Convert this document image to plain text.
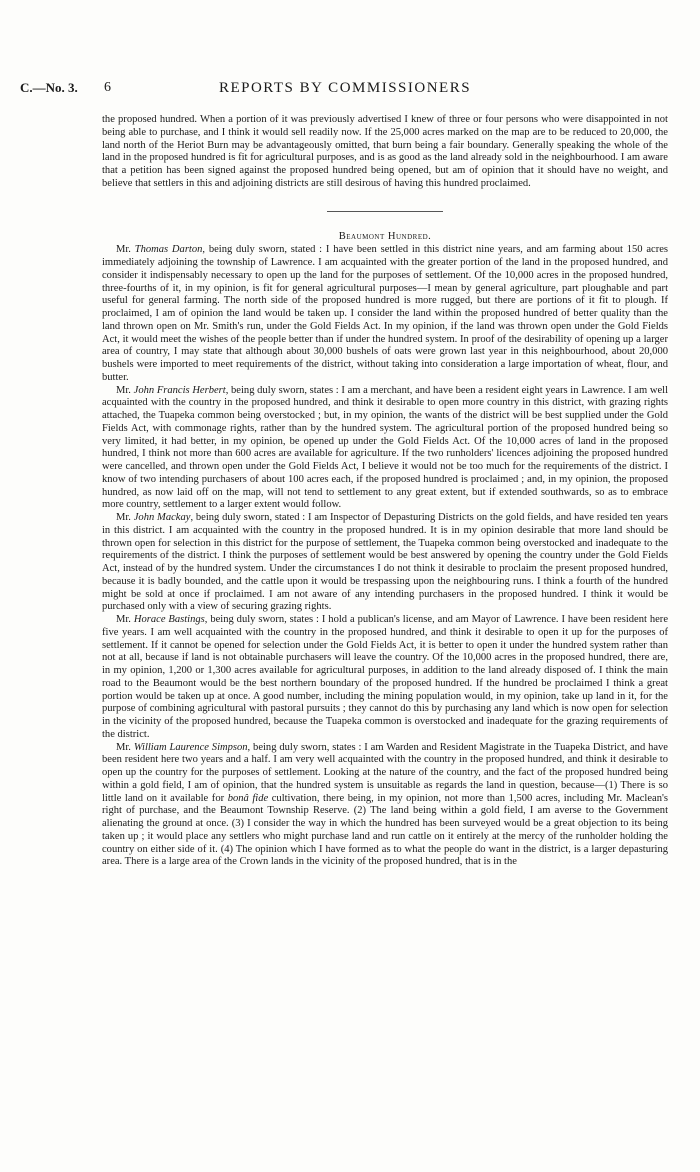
C.—No. 3. 6	REPORTS BY COMMISSIONERS

the proposed hundred. When a portion of it was previously advertised I knew of three or four persons who were disappointed in not being able to purchase, and I think it would sell readily now. If the 25,000 acres marked on the map are to be reduced to 20,000, the land north of the Heriot Burn may be advantageously omitted, that burn being a fair boundary. Generally speaking the whole of the land in the proposed hundred is fit for agricultural purposes, and is as good as the land already sold in the neighbourhood. I am aware that a petition has been signed against the proposed hundred being opened, but am of opinion that it should have no weight, and believe that settlers in this and adjoining districts are still desirous of having this hundred proclaimed.

Beaumont Hundred.

Mr. Thomas Darton, being duly sworn, stated : I have been settled in this district nine years, and am farming about 150 acres immediately adjoining the township of Lawrence. I am acquainted with the greater portion of the land in the proposed hundred, and consider it indispensably necessary to open up the land for the purposes of settlement. Of the 10,000 acres in the proposed hundred, three-fourths of it, in my opinion, is fit for general agricultural purposes—I mean by general agriculture, part ploughable and part useful for general farming. The north side of the proposed hundred is more rugged, but there are portions of it fit to plough. If proclaimed, I am of opinion the land would be taken up. I consider the land within the proposed hundred of better quality than the land thrown open on Mr. Smith's run, under the Gold Fields Act. In my opinion, if the land was thrown open under the Gold Fields Act, it would meet the wishes of the people better than if under the hundred system. In proof of the desirability of opening up a larger area of country, I may state that although about 30,000 bushels of oats were grown last year in this neighbourhood, about 20,000 bushels were imported to meet requirements of the district, without taking into consideration a large importation of wheat, flour, and butter.

Mr. John Francis Herbert, being duly sworn, states : I am a merchant, and have been a resident eight years in Lawrence. I am well acquainted with the country in the proposed hundred, and think it desirable to open more country in this district, with grazing rights attached, the Tuapeka common being overstocked ; but, in my opinion, the wants of the district will be best supplied under the Gold Fields Act, with commonage rights, rather than by the hundred system. The agricultural portion of the proposed hundred being so very limited, it had better, in my opinion, be opened up under the Gold Fields Act. Of the 10,000 acres of land in the proposed hundred, I think not more than 600 acres are available for agriculture. If the two runholders' licences adjoining the proposed hundred were cancelled, and thrown open under the Gold Fields Act, I believe it would not be too much for the requirements of the district. I know of two intending purchasers of about 100 acres each, if the proposed hundred is proclaimed ; and, in my opinion, the proposed hundred, as now laid off on the map, will not tend to settlement to any great extent, but if extended southwards, so as to embrace more country, settlement to a larger extent would follow.

Mr. John Mackay, being duly sworn, stated : I am Inspector of Depasturing Districts on the gold fields, and have resided ten years in this district. I am acquainted with the country in the proposed hundred. It is in my opinion desirable that more land should be thrown open for selection in this district for the purpose of settlement, the Tuapeka common being overstocked and inadequate to the requirements of the district. I think the purposes of settlement would be best answered by opening the country under the Gold Fields Act, instead of by the hundred system. Under the circumstances I do not think it desirable to proclaim the present proposed hundred, because it is badly bounded, and the cattle upon it would be trespassing upon the neighbouring runs. I think a fourth of the hundred might be sold at once if proclaimed. I am not aware of any intending purchasers in the proposed hundred. I think it would be purchased only with a view of securing grazing rights.

Mr. Horace Bastings, being duly sworn, states : I hold a publican's license, and am Mayor of Lawrence. I have been resident here five years. I am well acquainted with the country in the proposed hundred, and think it desirable to open it up for the purposes of settlement. If it cannot be opened for selection under the Gold Fields Act, it is better to open it under the hundred system rather than not at all, because if land is not obtainable purchasers will leave the country. Of the 10,000 acres in the proposed hundred, there are, in my opinion, 1,200 or 1,300 acres available for agricultural purposes, in addition to the land already disposed of. I think the main road to the Beaumont would be the best northern boundary of the proposed hundred. If the hundred be proclaimed I think a great portion would be taken up at once. A good number, including the mining population would, in my opinion, take up land in it, for the purpose of combining agricultural with pastoral pursuits ; they cannot do this by purchasing any land which is now open for selection in the vicinity of the proposed hundred, because the Tuapeka common is overstocked and inadequate for the grazing requirements of the district.

Mr. William Laurence Simpson, being duly sworn, states : I am Warden and Resident Magistrate in the Tuapeka District, and have been resident here two years and a half. I am very well acquainted with the country in the proposed hundred, and think it desirable to open up the country for the purposes of settlement. Looking at the nature of the country, and the fact of the proposed hundred being within a gold field, I am of opinion, that the hundred system is unsuitable as regards the land in question, because—(1) There is so little land on it available for bonâ fide cultivation, there being, in my opinion, not more than 1,500 acres, including Mr. Maclean's right of purchase, and the Beaumont Township Reserve. (2) The land being within a gold field, I am averse to the Government alienating the ground at once. (3) I consider the way in which the hundred has been surveyed would be a great objection to its being taken up ; it would place any settlers who might purchase land and run cattle on it entirely at the mercy of the runholder holding the country on either side of it. (4) The opinion which I have formed as to what the people do want in the district, is a larger depasturing area. There is a large area of the Crown lands in the vicinity of the proposed hundred, that is in the
